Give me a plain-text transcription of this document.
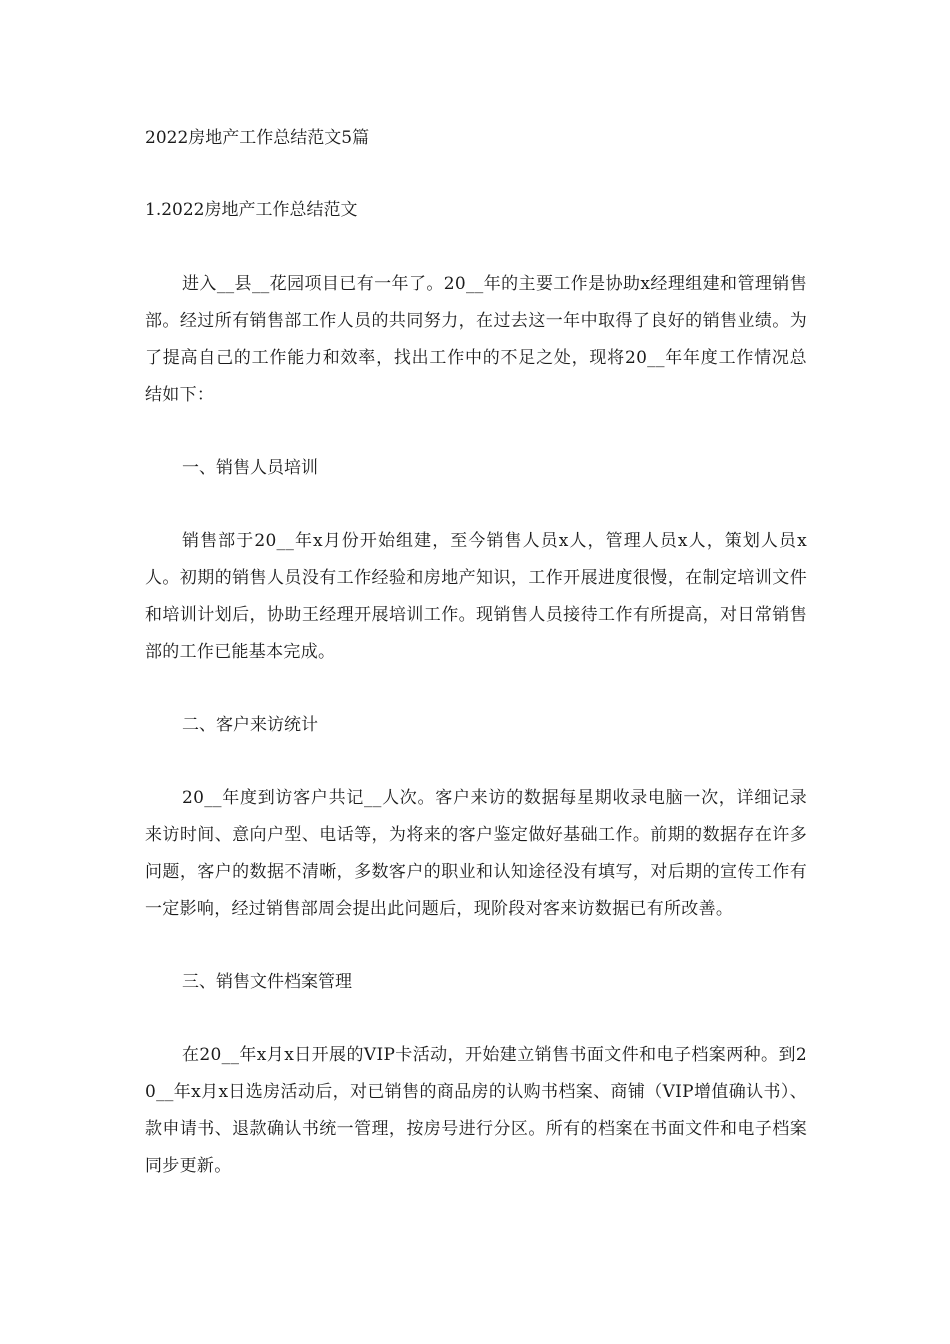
2022房地产工作总结范文5篇
1.2022房地产工作总结范文

进入__县__花园项目已有一年了。20__年的主要工作是协助x经理组建和管理销售部。经过所有销售部工作人员的共同努力，在过去这一年中取得了良好的销售业绩。为了提高自己的工作能力和效率，找出工作中的不足之处，现将20__年年度工作情况总结如下：

一、销售人员培训

销售部于20__年x月份开始组建，至今销售人员x人，管理人员x人，策划人员x人。初期的销售人员没有工作经验和房地产知识，工作开展进度很慢，在制定培训文件和培训计划后，协助王经理开展培训工作。现销售人员接待工作有所提高，对日常销售部的工作已能基本完成。

二、客户来访统计

20__年度到访客户共记__人次。客户来访的数据每星期收录电脑一次，详细记录来访时间、意向户型、电话等，为将来的客户鉴定做好基础工作。前期的数据存在许多问题，客户的数据不清晰，多数客户的职业和认知途径没有填写，对后期的宣传工作有一定影响，经过销售部周会提出此问题后，现阶段对客来访数据已有所改善。

三、销售文件档案管理

在20__年x月x日开展的VIP卡活动，开始建立销售书面文件和电子档案两种。到20__年x月x日选房活动后，对已销售的商品房的认购书档案、商铺（VIP增值确认书）、款申请书、退款确认书统一管理，按房号进行分区。所有的档案在书面文件和电子档案同步更新。
